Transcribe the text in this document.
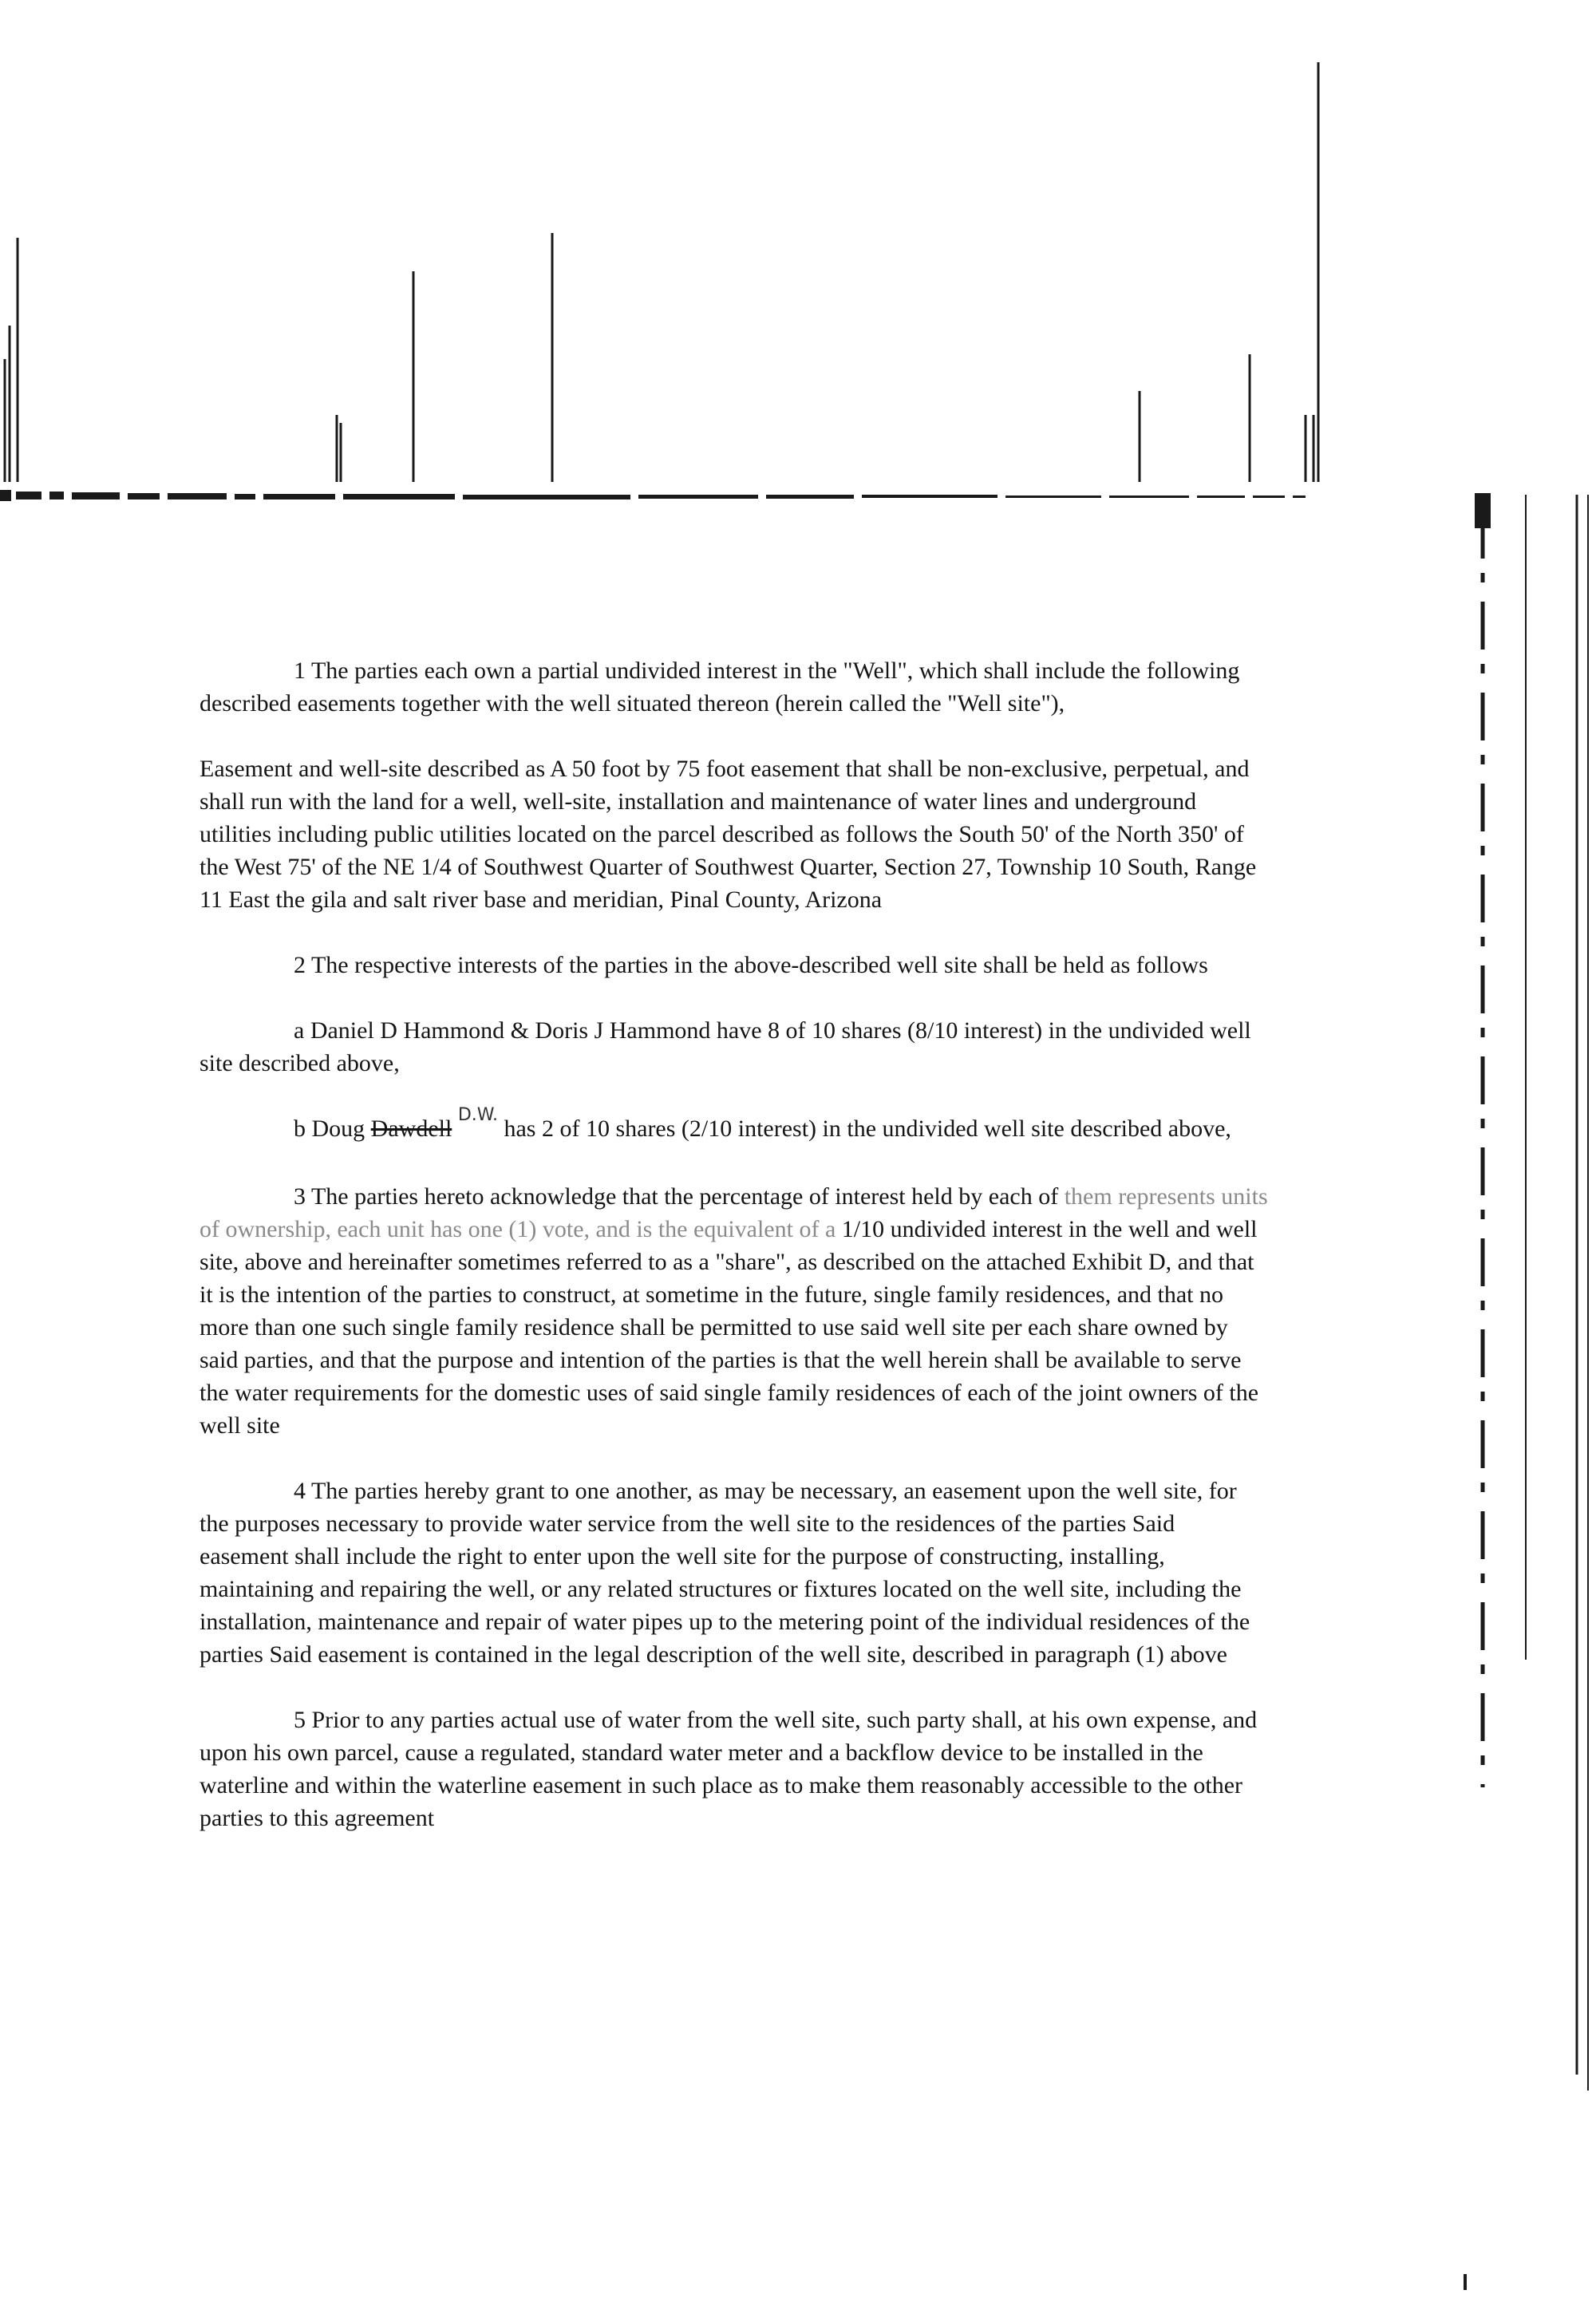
1 The parties each own a partial undivided interest in the "Well", which shall include the following described easements together with the well situated thereon (herein called the "Well site"),

Easement and well-site described as A 50 foot by 75 foot easement that shall be non-exclusive, perpetual, and shall run with the land for a well, well-site, installation and maintenance of water lines and underground utilities including public utilities located on the parcel described as follows the South 50' of the North 350' of the West 75' of the NE 1/4 of Southwest Quarter of Southwest Quarter, Section 27, Township 10 South, Range 11 East the gila and salt river base and meridian, Pinal County, Arizona

2 The respective interests of the parties in the above-described well site shall be held as follows

a Daniel D Hammond & Doris J Hammond have 8 of 10 shares (8/10 interest) in the undivided well site described above,

b Doug Dawdell $^{D.W.}$ has 2 of 10 shares (2/10 interest) in the undivided well site described above,

3 The parties hereto acknowledge that the percentage of interest held by each of them represents units of ownership, each unit has one (1) vote, and is the equivalent of a 1/10 undivided interest in the well and well site, above and hereinafter sometimes referred to as a "share", as described on the attached Exhibit D, and that it is the intention of the parties to construct, at sometime in the future, single family residences, and that no more than one such single family residence shall be permitted to use said well site per each share owned by said parties, and that the purpose and intention of the parties is that the well herein shall be available to serve the water requirements for the domestic uses of said single family residences of each of the joint owners of the well site

4 The parties hereby grant to one another, as may be necessary, an easement upon the well site, for the purposes necessary to provide water service from the well site to the residences of the parties Said easement shall include the right to enter upon the well site for the purpose of constructing, installing, maintaining and repairing the well, or any related structures or fixtures located on the well site, including the installation, maintenance and repair of water pipes up to the metering point of the individual residences of the parties Said easement is contained in the legal description of the well site, described in paragraph (1) above

5 Prior to any parties actual use of water from the well site, such party shall, at his own expense, and upon his own parcel, cause a regulated, standard water meter and a backflow device to be installed in the waterline and within the waterline easement in such place as to make them reasonably accessible to the other parties to this agreement
